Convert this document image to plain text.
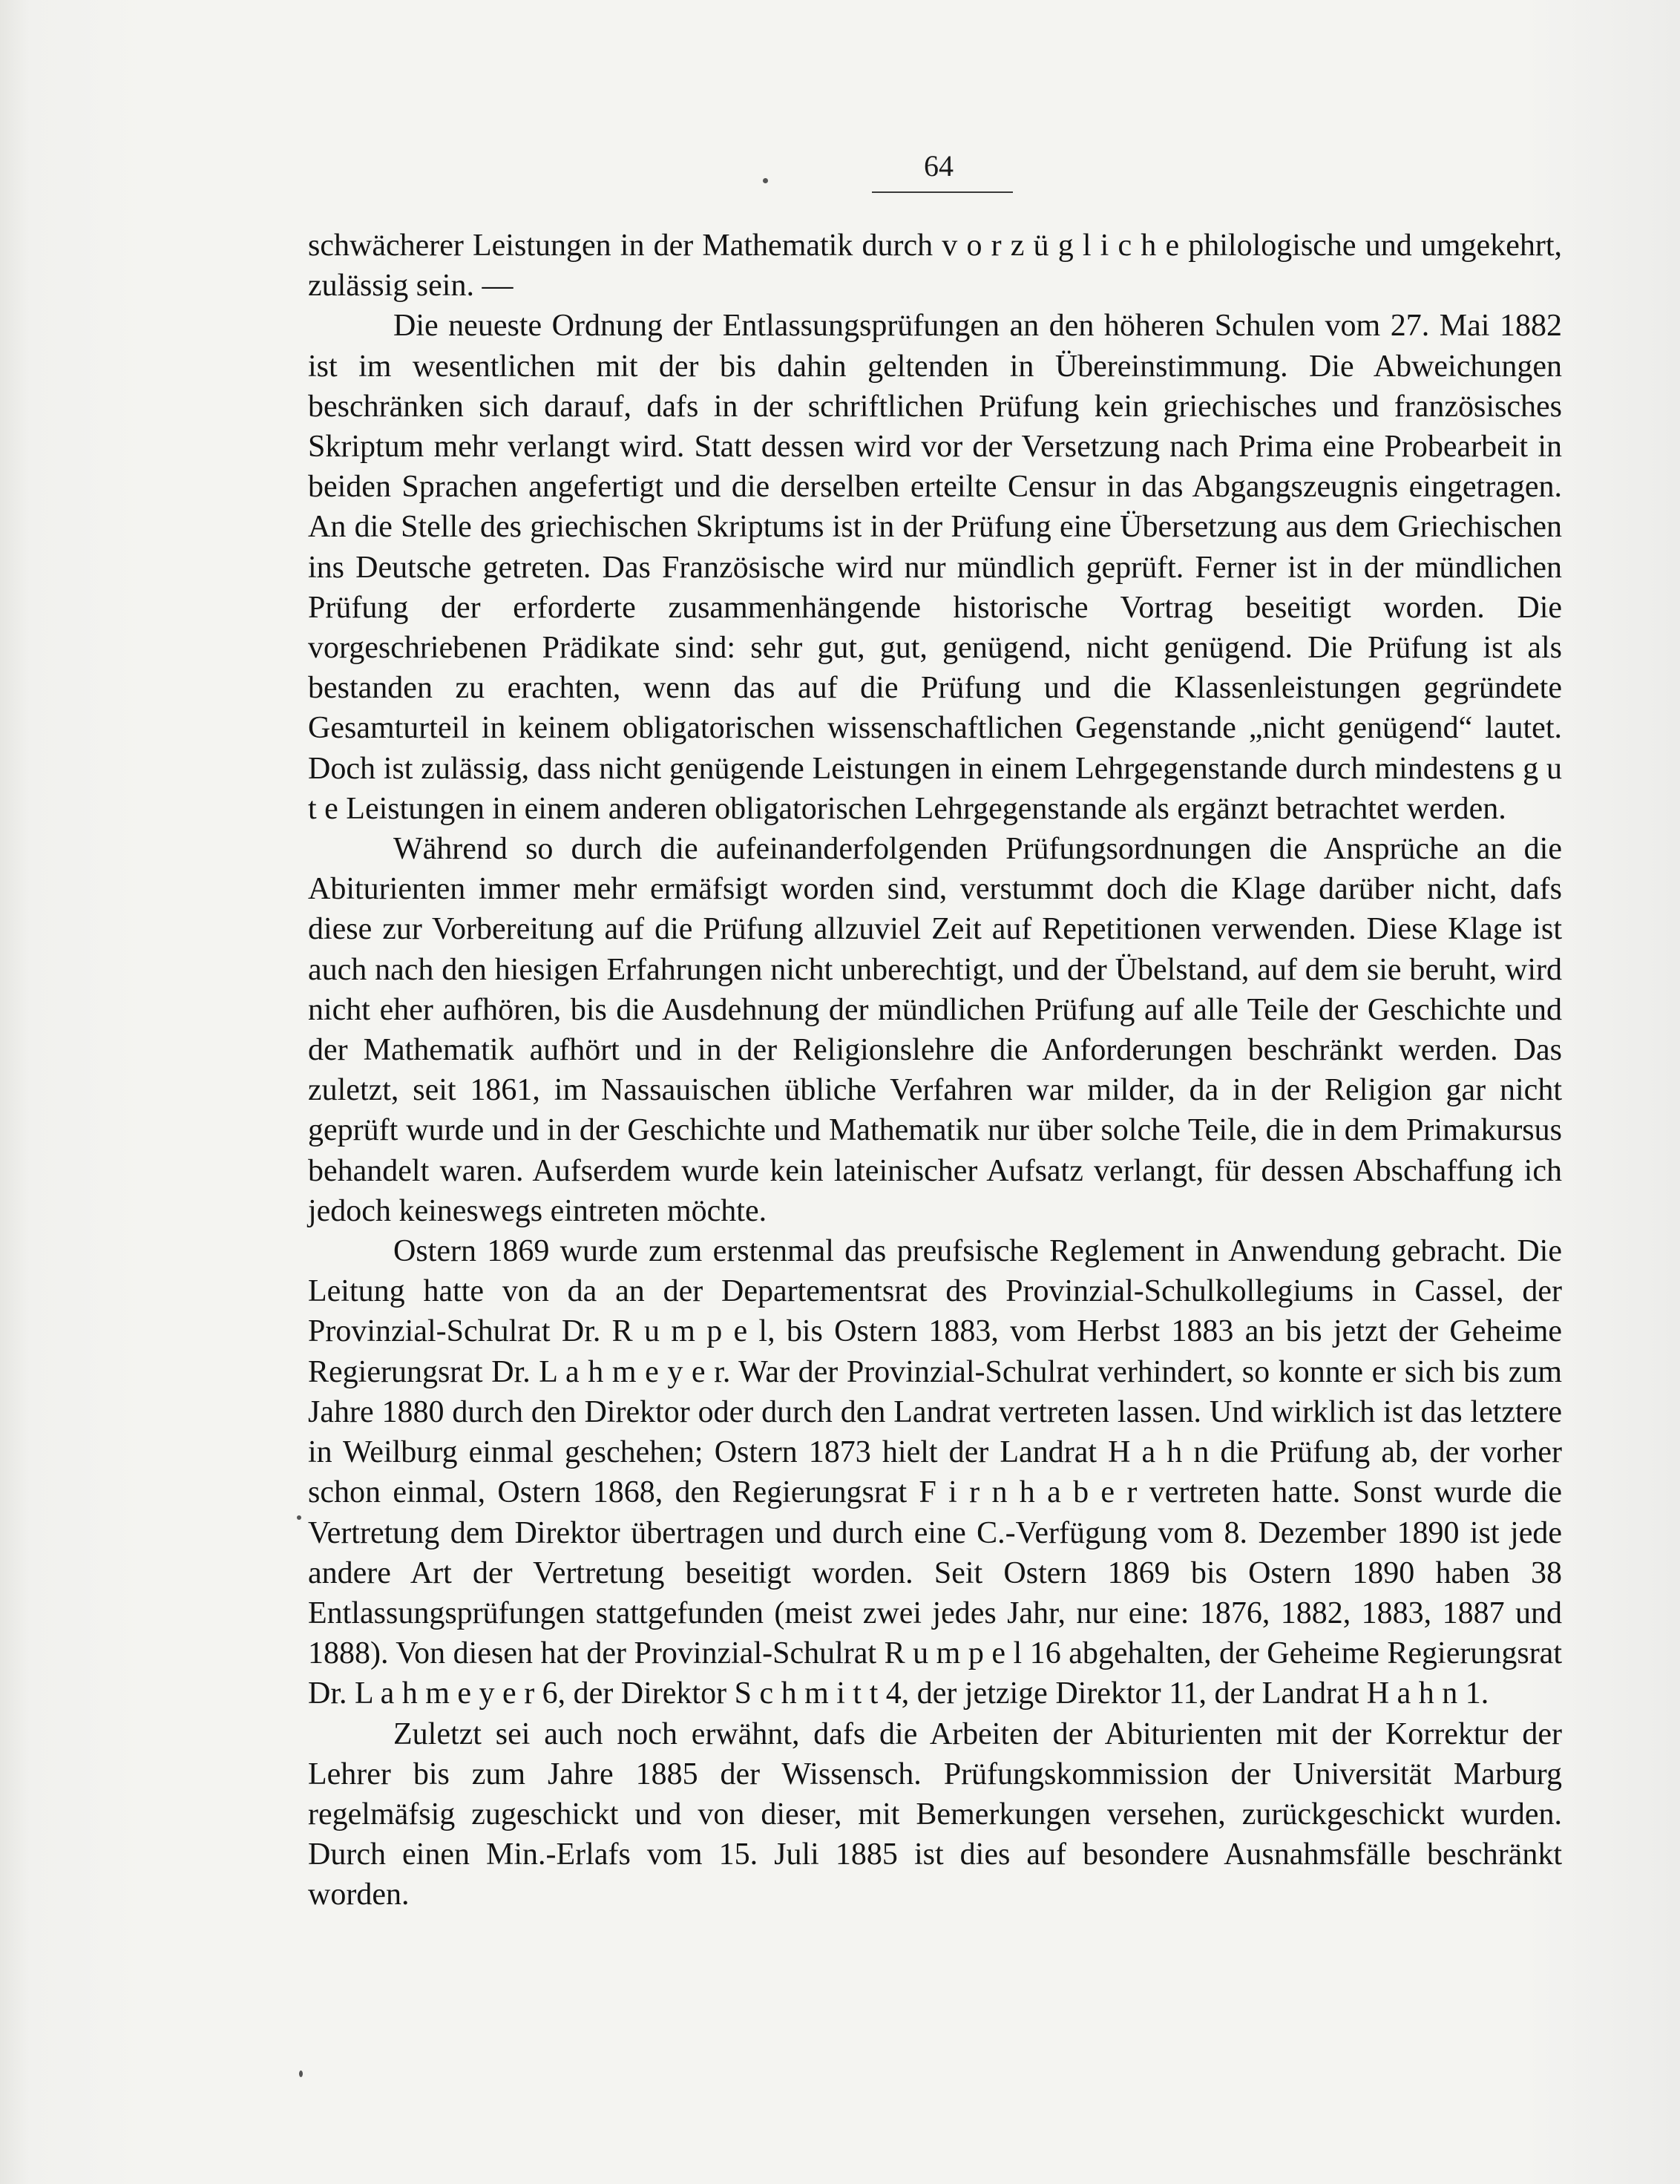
64

schwächerer Leistungen in der Mathematik durch v o r z ü g l i c h e philologische und umgekehrt, zulässig sein. —

Die neueste Ordnung der Entlassungsprüfungen an den höheren Schulen vom 27. Mai 1882 ist im wesentlichen mit der bis dahin geltenden in Übereinstimmung. Die Abweichungen beschränken sich darauf, dafs in der schriftlichen Prüfung kein griechisches und französisches Skriptum mehr verlangt wird. Statt dessen wird vor der Versetzung nach Prima eine Probearbeit in beiden Sprachen angefertigt und die derselben erteilte Censur in das Abgangszeugnis eingetragen. An die Stelle des griechischen Skriptums ist in der Prüfung eine Übersetzung aus dem Griechischen ins Deutsche getreten. Das Französische wird nur mündlich geprüft. Ferner ist in der mündlichen Prüfung der erforderte zusammenhängende historische Vortrag beseitigt worden. Die vorgeschriebenen Prädikate sind: sehr gut, gut, genügend, nicht genügend. Die Prüfung ist als bestanden zu erachten, wenn das auf die Prüfung und die Klassenleistungen gegründete Gesamturteil in keinem obligatorischen wissenschaftlichen Gegenstande „nicht genügend“ lautet. Doch ist zulässig, dass nicht genügende Leistungen in einem Lehrgegenstande durch mindestens g u t e Leistungen in einem anderen obligatorischen Lehrgegenstande als ergänzt betrachtet werden.

Während so durch die aufeinanderfolgenden Prüfungsordnungen die Ansprüche an die Abiturienten immer mehr ermäfsigt worden sind, verstummt doch die Klage darüber nicht, dafs diese zur Vorbereitung auf die Prüfung allzuviel Zeit auf Repetitionen verwenden. Diese Klage ist auch nach den hiesigen Erfahrungen nicht unberechtigt, und der Übelstand, auf dem sie beruht, wird nicht eher aufhören, bis die Ausdehnung der mündlichen Prüfung auf alle Teile der Geschichte und der Mathematik aufhört und in der Religionslehre die Anforderungen beschränkt werden. Das zuletzt, seit 1861, im Nassauischen übliche Verfahren war milder, da in der Religion gar nicht geprüft wurde und in der Geschichte und Mathematik nur über solche Teile, die in dem Primakursus behandelt waren. Aufserdem wurde kein lateinischer Aufsatz verlangt, für dessen Abschaffung ich jedoch keineswegs eintreten möchte.

Ostern 1869 wurde zum erstenmal das preufsische Reglement in Anwendung gebracht. Die Leitung hatte von da an der Departementsrat des Provinzial-Schulkollegiums in Cassel, der Provinzial-Schulrat Dr. R u m p e l, bis Ostern 1883, vom Herbst 1883 an bis jetzt der Geheime Regierungsrat Dr. L a h m e y e r. War der Provinzial-Schulrat verhindert, so konnte er sich bis zum Jahre 1880 durch den Direktor oder durch den Landrat vertreten lassen. Und wirklich ist das letztere in Weilburg einmal geschehen; Ostern 1873 hielt der Landrat H a h n die Prüfung ab, der vorher schon einmal, Ostern 1868, den Regierungsrat F i r n h a b e r vertreten hatte. Sonst wurde die Vertretung dem Direktor übertragen und durch eine C.-Verfügung vom 8. Dezember 1890 ist jede andere Art der Vertretung beseitigt worden. Seit Ostern 1869 bis Ostern 1890 haben 38 Entlassungsprüfungen stattgefunden (meist zwei jedes Jahr, nur eine: 1876, 1882, 1883, 1887 und 1888). Von diesen hat der Provinzial-Schulrat R u m p e l 16 abgehalten, der Geheime Regierungsrat Dr. L a h m e y e r 6, der Direktor S c h m i t t 4, der jetzige Direktor 11, der Landrat H a h n 1.

Zuletzt sei auch noch erwähnt, dafs die Arbeiten der Abiturienten mit der Korrektur der Lehrer bis zum Jahre 1885 der Wissensch. Prüfungskommission der Universität Marburg regelmäfsig zugeschickt und von dieser, mit Bemerkungen versehen, zurückgeschickt wurden. Durch einen Min.-Erlafs vom 15. Juli 1885 ist dies auf besondere Ausnahmsfälle beschränkt worden.
